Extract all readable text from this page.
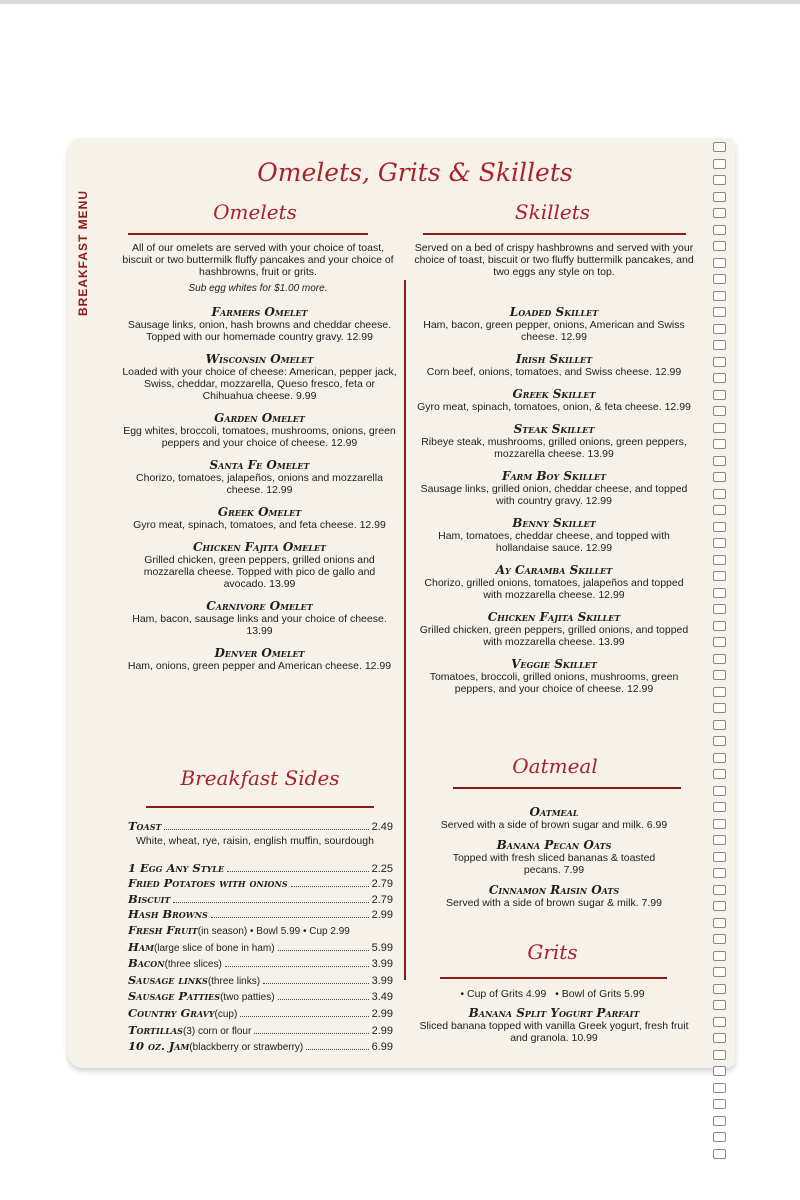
BREAKFAST MENU
Omelets, Grits & Skillets
Omelets
All of our omelets are served with your choice of toast, biscuit or two buttermilk fluffy pancakes and your choice of hashbrowns, fruit or grits.
Sub egg whites for $1.00 more.
Farmers Omelet
Sausage links, onion, hash browns and cheddar cheese. Topped with our homemade country gravy. 12.99
Wisconsin Omelet
Loaded with your choice of cheese: American, pepper jack, Swiss, cheddar, mozzarella, Queso fresco, feta or Chihuahua cheese. 9.99
Garden Omelet
Egg whites, broccoli, tomatoes, mushrooms, onions, green peppers and your choice of cheese. 12.99
Santa Fe Omelet
Chorizo, tomatoes, jalapeños, onions and mozzarella cheese. 12.99
Greek Omelet
Gyro meat, spinach, tomatoes, and feta cheese. 12.99
Chicken Fajita Omelet
Grilled chicken, green peppers, grilled onions and mozzarella cheese. Topped with pico de gallo and avocado. 13.99
Carnivore Omelet
Ham, bacon, sausage links and your choice of cheese. 13.99
Denver Omelet
Ham, onions, green pepper and American cheese. 12.99
Skillets
Served on a bed of crispy hashbrowns and served with your choice of toast, biscuit or two fluffy buttermilk pancakes, and two eggs any style on top.
Loaded Skillet
Ham, bacon, green pepper, onions, American and Swiss cheese. 12.99
Irish Skillet
Corn beef, onions, tomatoes, and Swiss cheese. 12.99
Greek Skillet
Gyro meat, spinach, tomatoes, onion, & feta cheese. 12.99
Steak Skillet
Ribeye steak, mushrooms, grilled onions, green peppers, mozzarella cheese. 13.99
Farm Boy Skillet
Sausage links, grilled onion, cheddar cheese, and topped with country gravy. 12.99
Benny Skillet
Ham, tomatoes, cheddar cheese, and topped with hollandaise sauce. 12.99
Ay Caramba Skillet
Chorizo, grilled onions, tomatoes, jalapeños and topped with mozzarella cheese. 12.99
Chicken Fajita Skillet
Grilled chicken, green peppers, grilled onions, and topped with mozzarella cheese. 13.99
Veggie Skillet
Tomatoes, broccoli, grilled onions, mushrooms, green peppers, and your choice of cheese. 12.99
Breakfast Sides
Toast	2.49
White, wheat, rye, raisin, english muffin, sourdough
1 Egg Any Style	2.25
Fried Potatoes with onions	2.79
Biscuit	2.79
Hash Browns	2.99
Fresh Fruit (in season) • Bowl 5.99 • Cup 2.99
Ham (large slice of bone in ham)	5.99
Bacon (three slices)	3.99
Sausage links (three links)	3.99
Sausage Patties (two patties)	3.49
Country Gravy (cup)	2.99
Tortillas (3) corn or flour	2.99
10 oz. Jam (blackberry or strawberry)	6.99
Oatmeal
Oatmeal
Served with a side of brown sugar and milk. 6.99
Banana Pecan Oats
Topped with fresh sliced bananas & toasted pecans. 7.99
Cinnamon Raisin Oats
Served with a side of brown sugar & milk. 7.99
Grits
• Cup of Grits 4.99 • Bowl of Grits 5.99
Banana Split Yogurt Parfait
Sliced banana topped with vanilla Greek yogurt, fresh fruit and granola. 10.99
